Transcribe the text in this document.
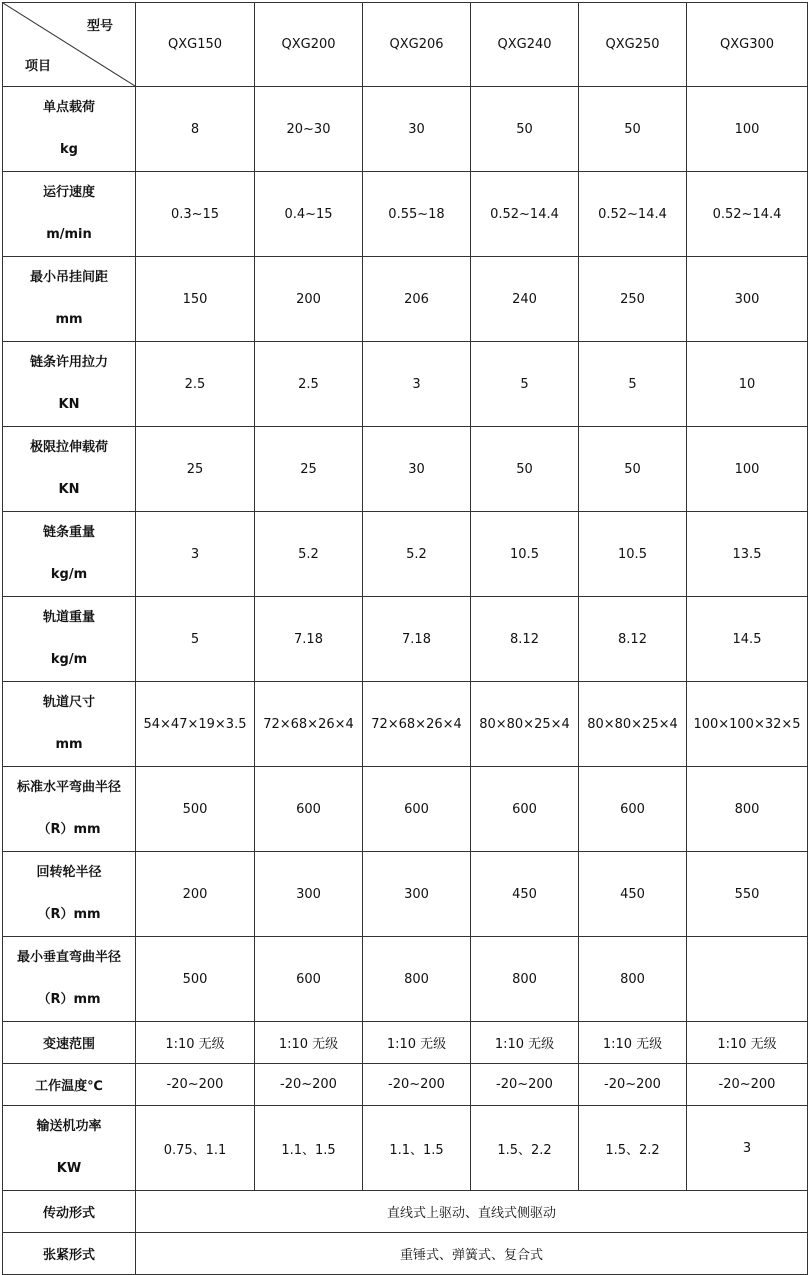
型号
项目	QXG150	QXG200	QXG206	QXG240	QXG250	QXG300

单点载荷
kg	8	20~30	30	50	50	100

运行速度
m/min	0.3~15	0.4~15	0.55~18	0.52~14.4	0.52~14.4	0.52~14.4

最小吊挂间距
mm	150	200	206	240	250	300

链条许用拉力
KN	2.5	2.5	3	5	5	10

极限拉伸载荷
KN	25	25	30	50	50	100

链条重量
kg/m	3	5.2	5.2	10.5	10.5	13.5

轨道重量
kg/m	5	7.18	7.18	8.12	8.12	14.5

轨道尺寸
mm	54×47×19×3.5	72×68×26×4	72×68×26×4	80×80×25×4	80×80×25×4	100×100×32×5

标准水平弯曲半径
（R）mm	500	600	600	600	600	800

回转轮半径
（R）mm	200	300	300	450	450	550

最小垂直弯曲半径
（R）mm	500	600	800	800	800	

变速范围	1:10 无级	1:10 无级	1:10 无级	1:10 无级	1:10 无级	1:10 无级

工作温度℃	-20~200	-20~200	-20~200	-20~200	-20~200	-20~200

输送机功率
KW	0.75、1.1	1.1、1.5	1.1、1.5	1.5、2.2	1.5、2.2	3
传动形式	直线式上驱动、直线式侧驱动					
张紧形式	重锤式、弹簧式、复合式					
